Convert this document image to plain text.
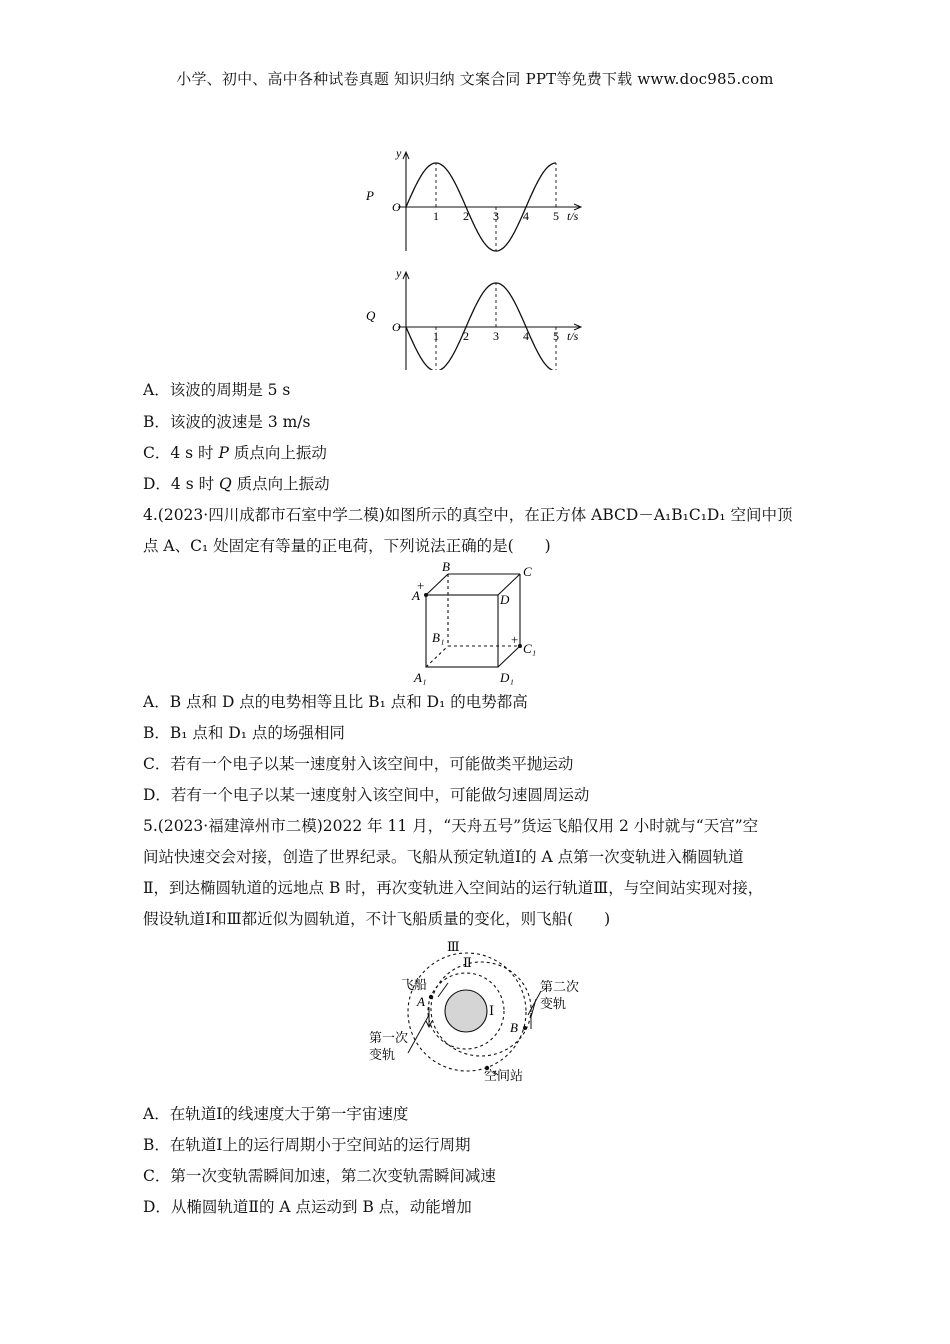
小学、初中、高中各种试卷真题 知识归纳 文案合同 PPT等免费下载 www.doc985.com
1 2 3 4 5
O
y
t/s
P
1 2 3 4 5
O
y
t/s
Q
A．该波的周期是 5 s
B．该波的波速是 3 m/s
C．4 s 时 P 质点向上振动
D．4 s 时 Q 质点向上振动
4.(2023·四川成都市石室中学二模)如图所示的真空中，在正方体 ABCD－A₁B₁C₁D₁ 空间中顶
点 A、C₁ 处固定有等量的正电荷，下列说法正确的是(　　)
+
+
B	C
A	D
B₁
C₁
A₁	D₁
A．B 点和 D 点的电势相等且比 B₁ 点和 D₁ 的电势都高
B．B₁ 点和 D₁ 点的场强相同
C．若有一个电子以某一速度射入该空间中，可能做类平抛运动
D．若有一个电子以某一速度射入该空间中，可能做匀速圆周运动
5.(2023·福建漳州市二模)2022 年 11 月，“天舟五号”货运飞船仅用 2 小时就与“天宫”空
间站快速交会对接，创造了世界纪录。飞船从预定轨道Ⅰ的 A 点第一次变轨进入椭圆轨道
Ⅱ，到达椭圆轨道的远地点 B 时，再次变轨进入空间站的运行轨道Ⅲ，与空间站实现对接，
假设轨道Ⅰ和Ⅲ都近似为圆轨道，不计飞船质量的变化，则飞船(　　)
Ⅲ
Ⅱ
Ⅰ
飞船
A
B
第二次
变轨
第一次
变轨
空间站
A．在轨道Ⅰ的线速度大于第一宇宙速度
B．在轨道Ⅰ上的运行周期小于空间站的运行周期
C．第一次变轨需瞬间加速，第二次变轨需瞬间减速
D．从椭圆轨道Ⅱ的 A 点运动到 B 点，动能增加
